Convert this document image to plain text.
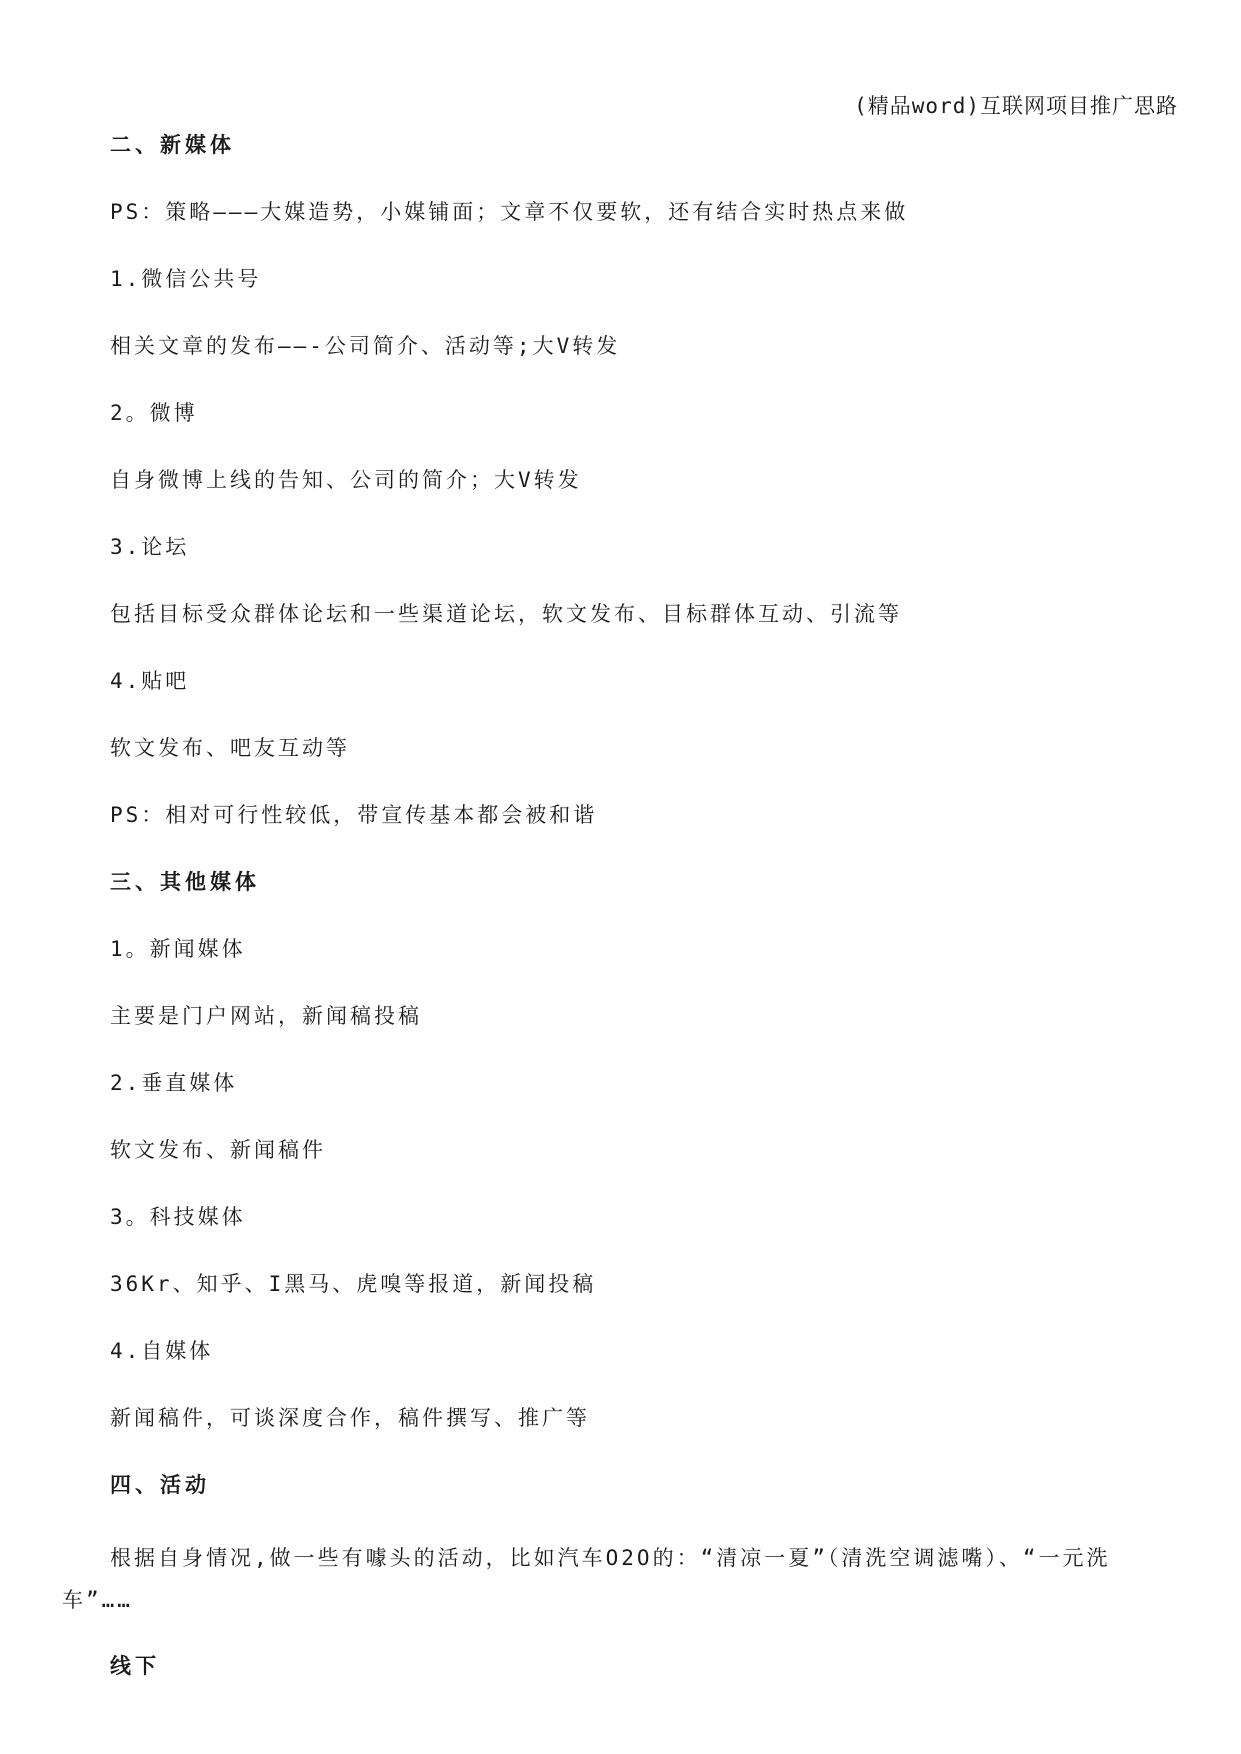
(精品word)互联网项目推广思路
二、新媒体
PS：策略———大媒造势，小媒铺面；文章不仅要软，还有结合实时热点来做
1.微信公共号
相关文章的发布——-公司简介、活动等;大V转发
2。微博
自身微博上线的告知、公司的简介；大V转发
3.论坛
包括目标受众群体论坛和一些渠道论坛，软文发布、目标群体互动、引流等
4.贴吧
软文发布、吧友互动等
PS：相对可行性较低，带宣传基本都会被和谐
三、其他媒体
1。新闻媒体
主要是门户网站，新闻稿投稿
2.垂直媒体
软文发布、新闻稿件
3。科技媒体
36Kr、知乎、I黑马、虎嗅等报道，新闻投稿
4.自媒体
新闻稿件，可谈深度合作，稿件撰写、推广等
四、活动
根据自身情况,做一些有噱头的活动，比如汽车O2O的：“清凉一夏”（清洗空调滤嘴）、“一元洗车”……
线下
